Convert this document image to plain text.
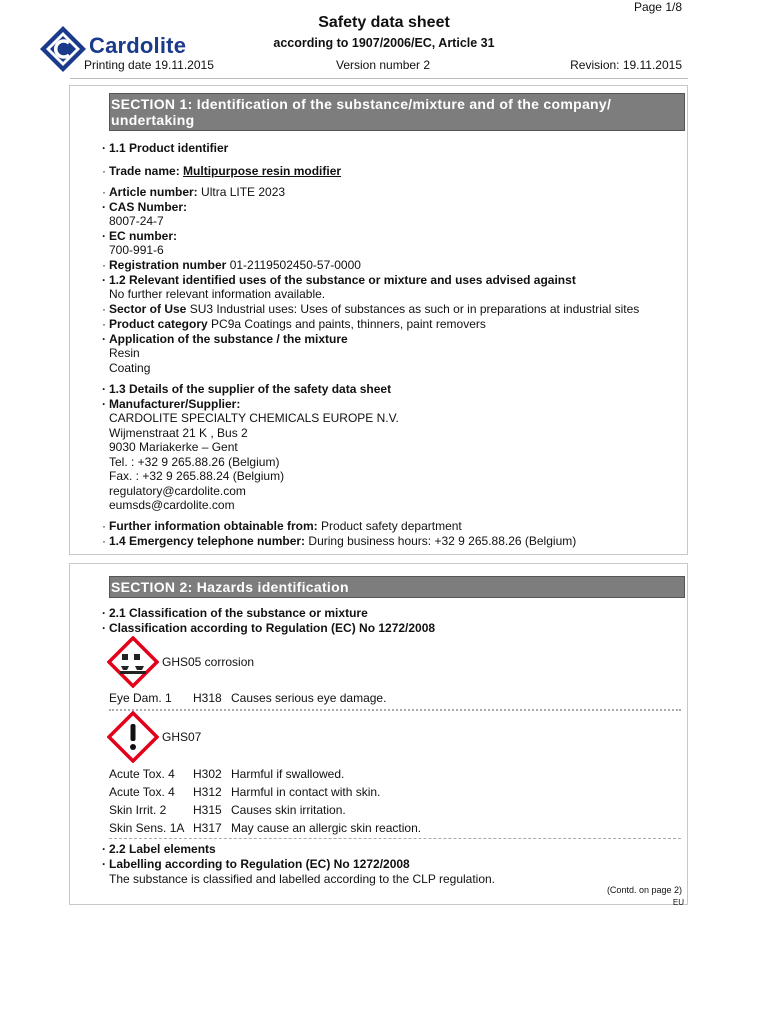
Cardolite
Page 1/8
Safety data sheet
according to 1907/2006/EC, Article 31
Printing date 19.11.2015	Version number 2	Revision: 19.11.2015
SECTION 1: Identification of the substance/mixture and of the company/
undertaking
· 1.1 Product identifier
· Trade name: Multipurpose resin modifier
· Article number: Ultra LITE 2023
· CAS Number:
8007-24-7
· EC number:
700-991-6
· Registration number 01-2119502450-57-0000
· 1.2 Relevant identified uses of the substance or mixture and uses advised against
No further relevant information available.
· Sector of Use SU3 Industrial uses: Uses of substances as such or in preparations at industrial sites
· Product category PC9a Coatings and paints, thinners, paint removers
· Application of the substance / the mixture
Resin
Coating
· 1.3 Details of the supplier of the safety data sheet
· Manufacturer/Supplier:
CARDOLITE SPECIALTY CHEMICALS EUROPE N.V.
Wijmenstraat 21 K , Bus 2
9030 Mariakerke – Gent
Tel. : +32 9 265.88.26 (Belgium)
Fax. : +32 9 265.88.24 (Belgium)
regulatory@cardolite.com
eumsds@cardolite.com
· Further information obtainable from: Product safety department
· 1.4 Emergency telephone number: During business hours: +32 9 265.88.26 (Belgium)
SECTION 2: Hazards identification
· 2.1 Classification of the substance or mixture
· Classification according to Regulation (EC) No 1272/2008
GHS05 corrosion
Eye Dam. 1 H318 Causes serious eye damage.
GHS07
Acute Tox. 4 H302 Harmful if swallowed.
Acute Tox. 4 H312 Harmful in contact with skin.
Skin Irrit. 2 H315 Causes skin irritation.
Skin Sens. 1A H317 May cause an allergic skin reaction.
· 2.2 Label elements
· Labelling according to Regulation (EC) No 1272/2008
The substance is classified and labelled according to the CLP regulation.
(Contd. on page 2)
EU
